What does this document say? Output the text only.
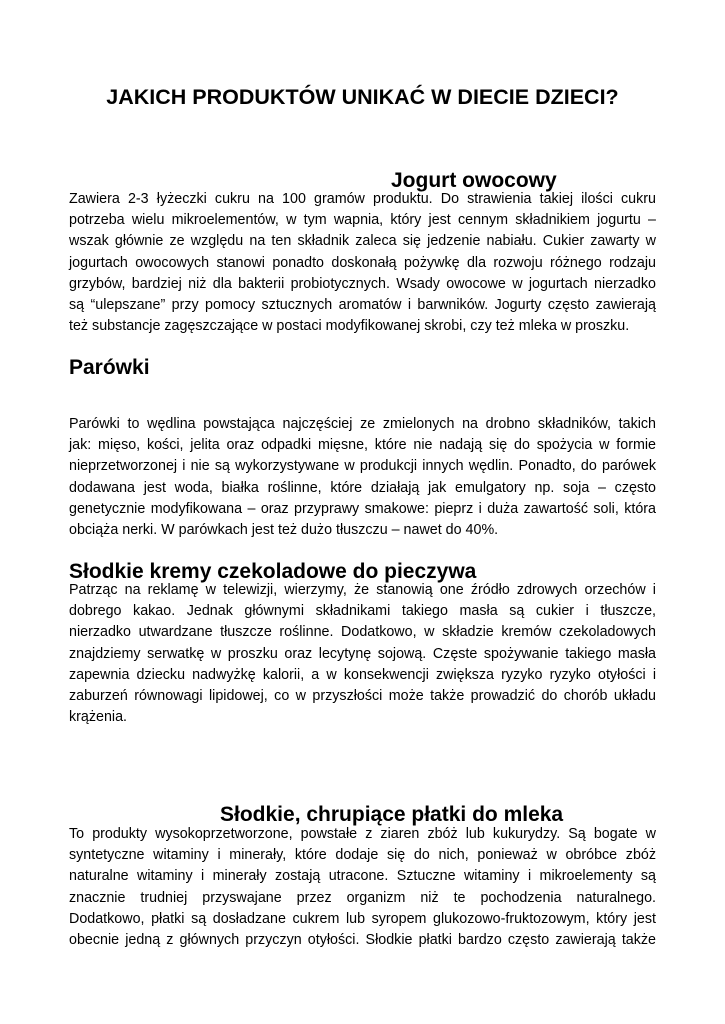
JAKICH PRODUKTÓW UNIKAĆ W DIECIE DZIECI?
Jogurt owocowy
Zawiera 2-3 łyżeczki cukru na 100 gramów produktu. Do strawienia takiej ilości cukru
potrzeba wielu mikroelementów, w tym wapnia, który jest cennym składnikiem jogurtu –
wszak głównie ze względu na ten składnik zaleca się jedzenie nabiału. Cukier zawarty w
jogurtach owocowych stanowi ponadto doskonałą pożywkę dla rozwoju różnego rodzaju
grzybów, bardziej niż dla bakterii probiotycznych. Wsady owocowe w jogurtach nierzadko
są “ulepszane” przy pomocy sztucznych aromatów i barwników. Jogurty często zawierają
też substancje zagęszczające w postaci modyfikowanej skrobi, czy też mleka w proszku.
Parówki
Parówki to wędlina powstająca najczęściej ze zmielonych na drobno składników, takich
jak: mięso, kości, jelita oraz odpadki mięsne, które nie nadają się do spożycia w formie
nieprzetworzonej i nie są wykorzystywane w produkcji innych wędlin. Ponadto, do parówek
dodawana jest woda, białka roślinne, które działają jak emulgatory np. soja – często
genetycznie modyfikowana – oraz przyprawy smakowe: pieprz i duża zawartość soli, która
obciąża nerki. W parówkach jest też dużo tłuszczu – nawet do 40%.
Słodkie kremy czekoladowe do pieczywa
Patrząc na reklamę w telewizji, wierzymy, że stanowią one źródło zdrowych orzechów i
dobrego kakao. Jednak głównymi składnikami takiego masła są cukier i tłuszcze,
nierzadko utwardzane tłuszcze roślinne. Dodatkowo, w składzie kremów czekoladowych
znajdziemy serwatkę w proszku oraz lecytynę sojową. Częste spożywanie takiego masła
zapewnia dziecku nadwyżkę kalorii, a w konsekwencji zwiększa ryzyko ryzyko otyłości i
zaburzeń równowagi lipidowej, co w przyszłości może także prowadzić do chorób układu
krążenia.
Słodkie, chrupiące płatki do mleka
To produkty wysokoprzetworzone, powstałe z ziaren zbóż lub kukurydzy. Są bogate w
syntetyczne witaminy i minerały, które dodaje się do nich, ponieważ w obróbce zbóż
naturalne witaminy i minerały zostają utracone. Sztuczne witaminy i mikroelementy są
znacznie trudniej przyswajane przez organizm niż te pochodzenia naturalnego.
Dodatkowo, płatki są dosładzane cukrem lub syropem glukozowo-fruktozowym, który jest
obecnie jedną z głównych przyczyn otyłości. Słodkie płatki bardzo często zawierają także
